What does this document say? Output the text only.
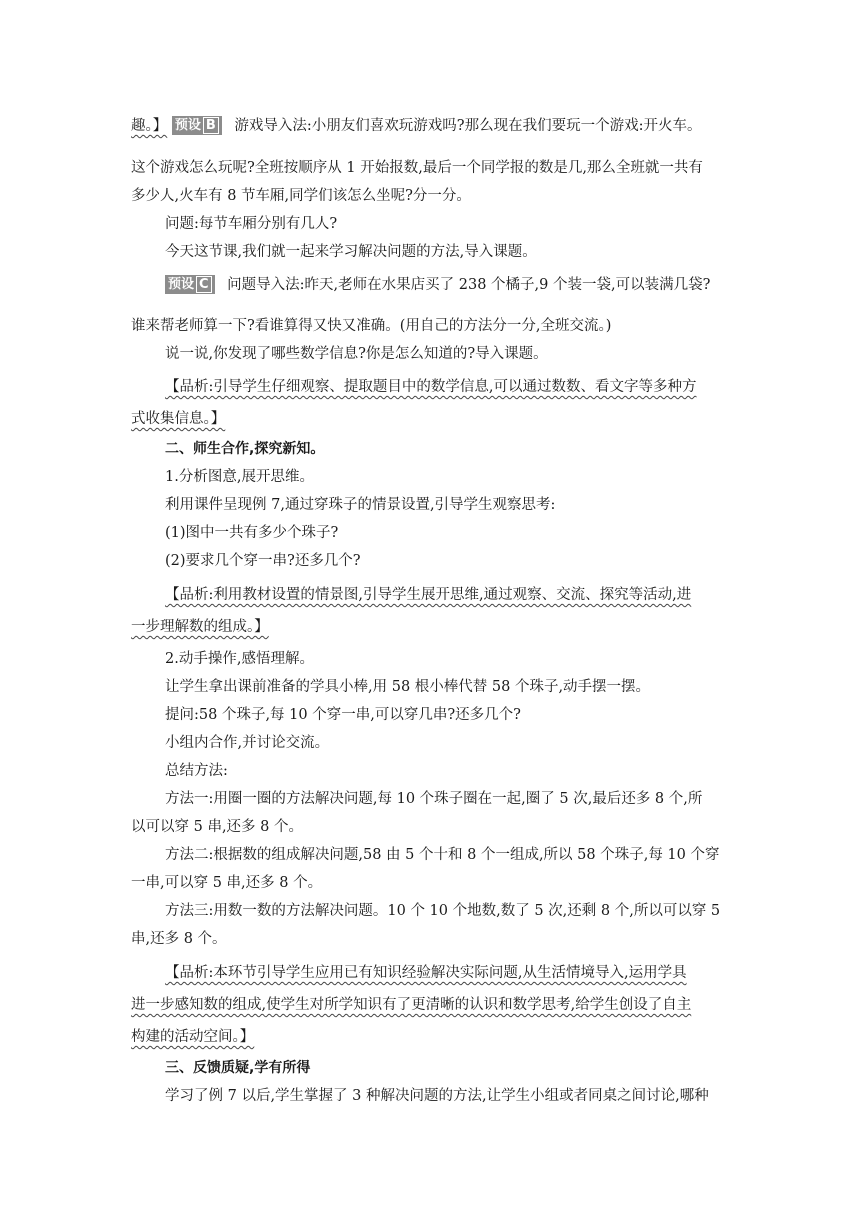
趣。】 预设 B 游戏导入法:小朋友们喜欢玩游戏吗?那么现在我们要玩一个游戏:开火车。
这个游戏怎么玩呢?全班按顺序从 1 开始报数,最后一个同学报的数是几,那么全班就一共有
多少人,火车有 8 节车厢,同学们该怎么坐呢?分一分。
问题:每节车厢分别有几人?
今天这节课,我们就一起来学习解决问题的方法,导入课题。
预设 C 问题导入法:昨天,老师在水果店买了 238 个橘子,9 个装一袋,可以装满几袋?
谁来帮老师算一下?看谁算得又快又准确。(用自己的方法分一分,全班交流。)
说一说,你发现了哪些数学信息?你是怎么知道的?导入课题。
【品析:引导学生仔细观察、提取题目中的数学信息,可以通过数数、看文字等多种方
式收集信息。】
二、师生合作,探究新知。
1.分析图意,展开思维。
利用课件呈现例 7,通过穿珠子的情景设置,引导学生观察思考:
(1)图中一共有多少个珠子?
(2)要求几个穿一串?还多几个?
【品析:利用教材设置的情景图,引导学生展开思维,通过观察、交流、探究等活动,进
一步理解数的组成。】
2.动手操作,感悟理解。
让学生拿出课前准备的学具小棒,用 58 根小棒代替 58 个珠子,动手摆一摆。
提问:58 个珠子,每 10 个穿一串,可以穿几串?还多几个?
小组内合作,并讨论交流。
总结方法:
方法一:用圈一圈的方法解决问题,每 10 个珠子圈在一起,圈了 5 次,最后还多 8 个,所
以可以穿 5 串,还多 8 个。
方法二:根据数的组成解决问题,58 由 5 个十和 8 个一组成,所以 58 个珠子,每 10 个穿
一串,可以穿 5 串,还多 8 个。
方法三:用数一数的方法解决问题。10 个 10 个地数,数了 5 次,还剩 8 个,所以可以穿 5
串,还多 8 个。
【品析:本环节引导学生应用已有知识经验解决实际问题,从生活情境导入,运用学具
进一步感知数的组成,使学生对所学知识有了更清晰的认识和数学思考,给学生创设了自主
构建的活动空间。】
三、反馈质疑,学有所得
学习了例 7 以后,学生掌握了 3 种解决问题的方法,让学生小组或者同桌之间讨论,哪种
